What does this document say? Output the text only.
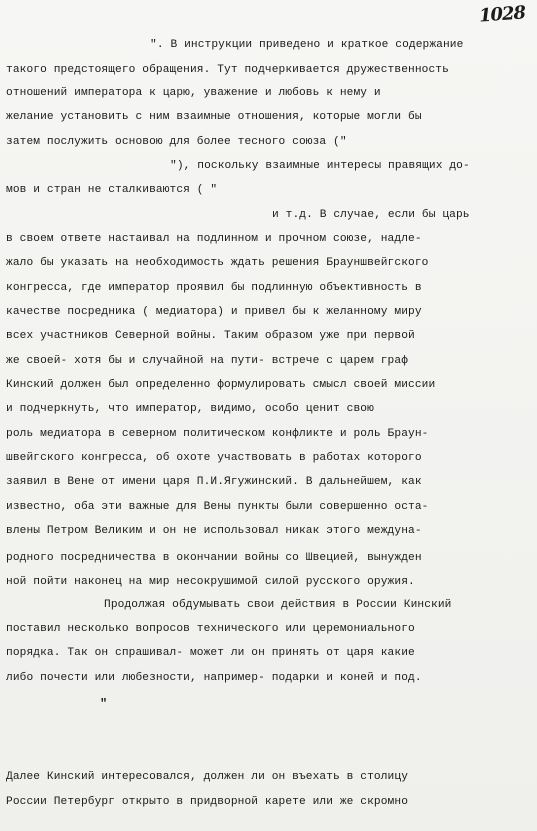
1028
". В инструкции приведено и краткое содержание
такого предстоящего обращения. Тут подчеркивается дружественность
отношений императора к царю, уважение и любовь к нему и
желание установить с ним взаимные отношения, которые могли бы
затем послужить основою для более тесного союза ("
"), поскольку взаимные интересы правящих до-
мов и стран не сталкиваются ( "
и т.д. В случае, если бы царь
в своем ответе настаивал на подлинном и прочном союзе, надле-
жало бы указать на необходимость ждать решения Брауншвейгского
конгресса, где император проявил бы подлинную объективность в
качестве посредника ( медиатора) и привел бы к желанному миру
всех участников Северной войны. Таким образом уже при первой
же своей- хотя бы и случайной на пути- встрече с царем граф
Кинский должен был определенно формулировать смысл своей миссии
и подчеркнуть, что император, видимо, особо ценит свою
роль медиатора в северном политическом конфликте и роль Браун-
швейгского конгресса, об охоте участвовать в работах которого
заявил в Вене от имени царя П.И.Ягужинский. В дальнейшем, как
известно, оба эти важные для Вены пункты были совершенно оста-
влены Петром Великим и он не использовал никак этого междуна-
родного посредничества в окончании войны со Швецией, вынужден
ной пойти наконец на мир несокрушимой силой русского оружия.
Продолжая обдумывать свои действия в России Кинский
поставил несколько вопросов технического или церемониального
порядка. Так он спрашивал- может ли он принять от царя какие
либо почести или любезности, например- подарки и коней и под.
"
Далее Кинский интересовался, должен ли он въехать в столицу
России Петербург открыто в придворной карете или же скромно
